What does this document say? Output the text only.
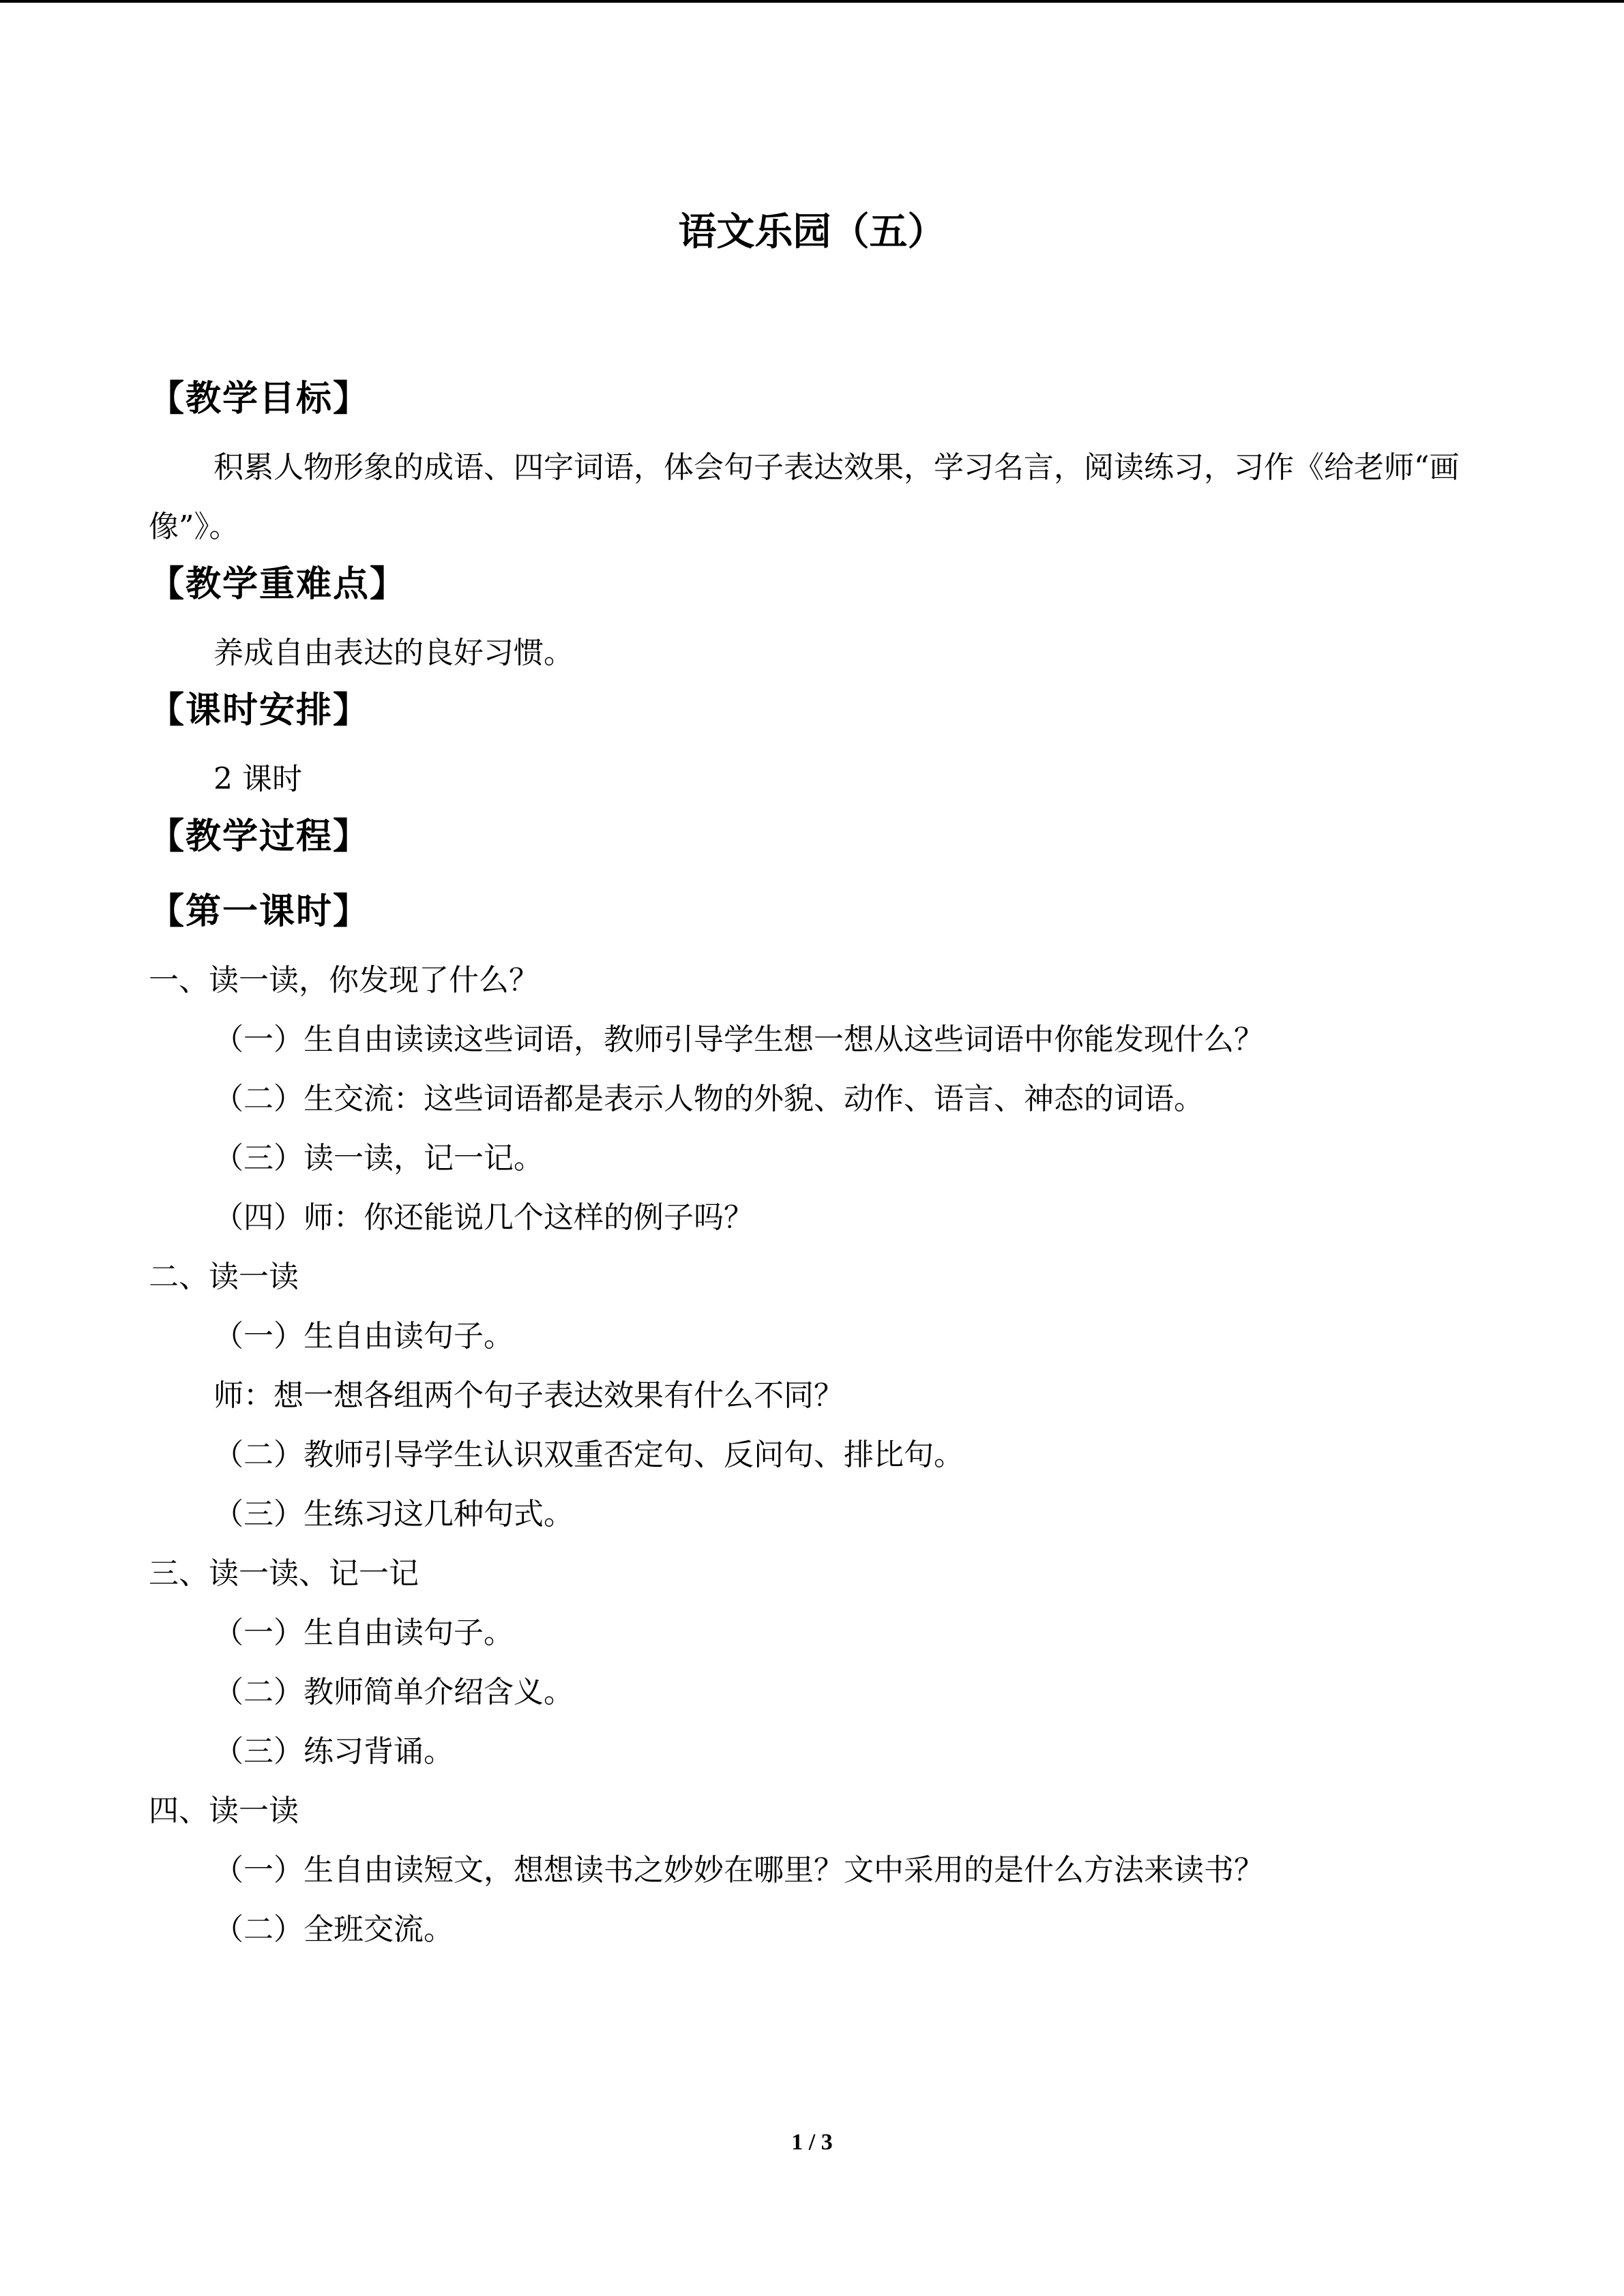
语文乐园（五）

【教学目标】

积累人物形象的成语、四字词语，体会句子表达效果，学习名言，阅读练习，习作《给老师“画像”》。

【教学重难点】

养成自由表达的良好习惯。

【课时安排】

2 课时

【教学过程】

【第一课时】

一、读一读，你发现了什么？

（一）生自由读读这些词语，教师引导学生想一想从这些词语中你能发现什么？

（二）生交流：这些词语都是表示人物的外貌、动作、语言、神态的词语。

（三）读一读，记一记。

（四）师：你还能说几个这样的例子吗？

二、读一读

（一）生自由读句子。

师：想一想各组两个句子表达效果有什么不同？

（二）教师引导学生认识双重否定句、反问句、排比句。

（三）生练习这几种句式。

三、读一读、记一记

（一）生自由读句子。

（二）教师简单介绍含义。

（三）练习背诵。

四、读一读

（一）生自由读短文，想想读书之妙妙在哪里？文中采用的是什么方法来读书？

（二）全班交流。

1 / 3
